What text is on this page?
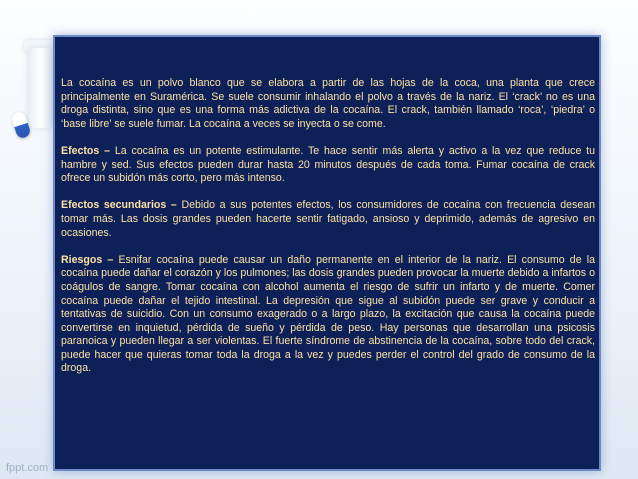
La cocaína es un polvo blanco que se elabora a partir de las hojas de la coca, una planta que crece principalmente en Suramérica. Se suele consumir inhalando el polvo a través de la nariz. El ‘crack’ no es una droga distinta, sino que es una forma más adictiva de la cocaína. El crack, también llamado ‘roca’, ‘piedra’ o ‘base libre’ se suele fumar. La cocaína a veces se inyecta o se come.

Efectos – La cocaína es un potente estimulante. Te hace sentir más alerta y activo a la vez que reduce tu hambre y sed. Sus efectos pueden durar hasta 20 minutos después de cada toma. Fumar cocaína de crack ofrece un subidón más corto, pero más intenso.

Efectos secundarios – Debido a sus potentes efectos, los consumidores de cocaína con frecuencia desean tomar más. Las dosis grandes pueden hacerte sentir fatigado, ansioso y deprimido, además de agresivo en ocasiones.

Riesgos – Esnifar cocaína puede causar un daño permanente en el interior de la nariz. El consumo de la cocaína puede dañar el corazón y los pulmones; las dosis grandes pueden provocar la muerte debido a infartos o coágulos de sangre. Tomar cocaína con alcohol aumenta el riesgo de sufrir un infarto y de muerte. Comer cocaína puede dañar el tejido intestinal. La depresión que sigue al subidón puede ser grave y conducir a tentativas de suicidio. Con un consumo exagerado o a largo plazo, la excitación que causa la cocaína puede convertirse en inquietud, pérdida de sueño y pérdida de peso. Hay personas que desarrollan una psicosis paranoica y pueden llegar a ser violentas. El fuerte síndrome de abstinencia de la cocaína, sobre todo del crack, puede hacer que quieras tomar toda la droga a la vez y puedes perder el control del grado de consumo de la droga.

fppt.com
